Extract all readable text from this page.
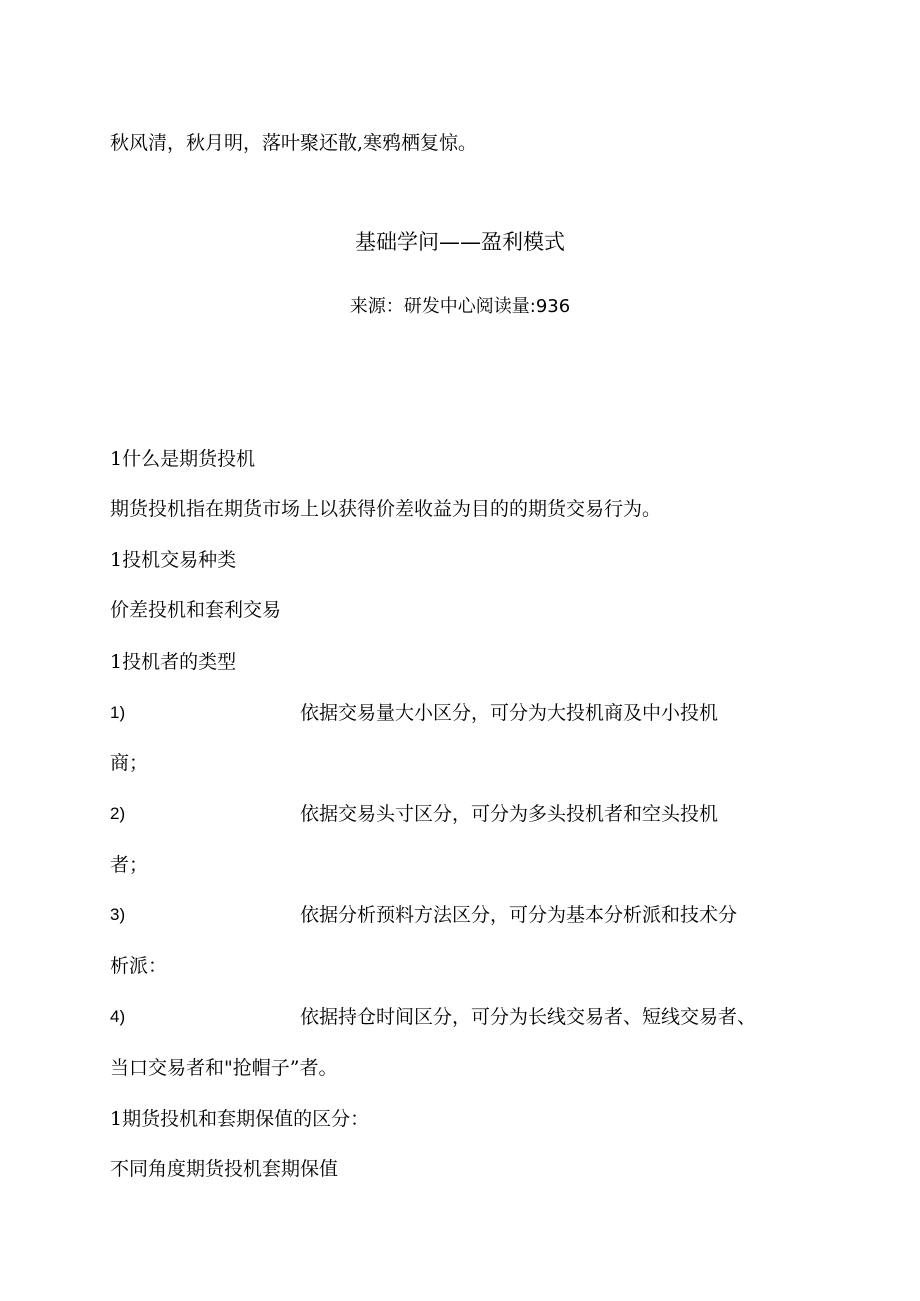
秋风清，秋月明，落叶聚还散,寒鸦栖复惊。
基础学问——盈利模式
来源：研发中心阅读量:936
1什么是期货投机
期货投机指在期货市场上以获得价差收益为目的的期货交易行为。
1投机交易种类
价差投机和套利交易
1投机者的类型
1)	依据交易量大小区分，可分为大投机商及中小投机
商；
2)	依据交易头寸区分，可分为多头投机者和空头投机
者；
3)	依据分析预料方法区分，可分为基本分析派和技术分
析派：
4)	依据持仓时间区分，可分为长线交易者、短线交易者、
当口交易者和"抢帽子”者。
1期货投机和套期保值的区分：
不同角度期货投机套期保值
